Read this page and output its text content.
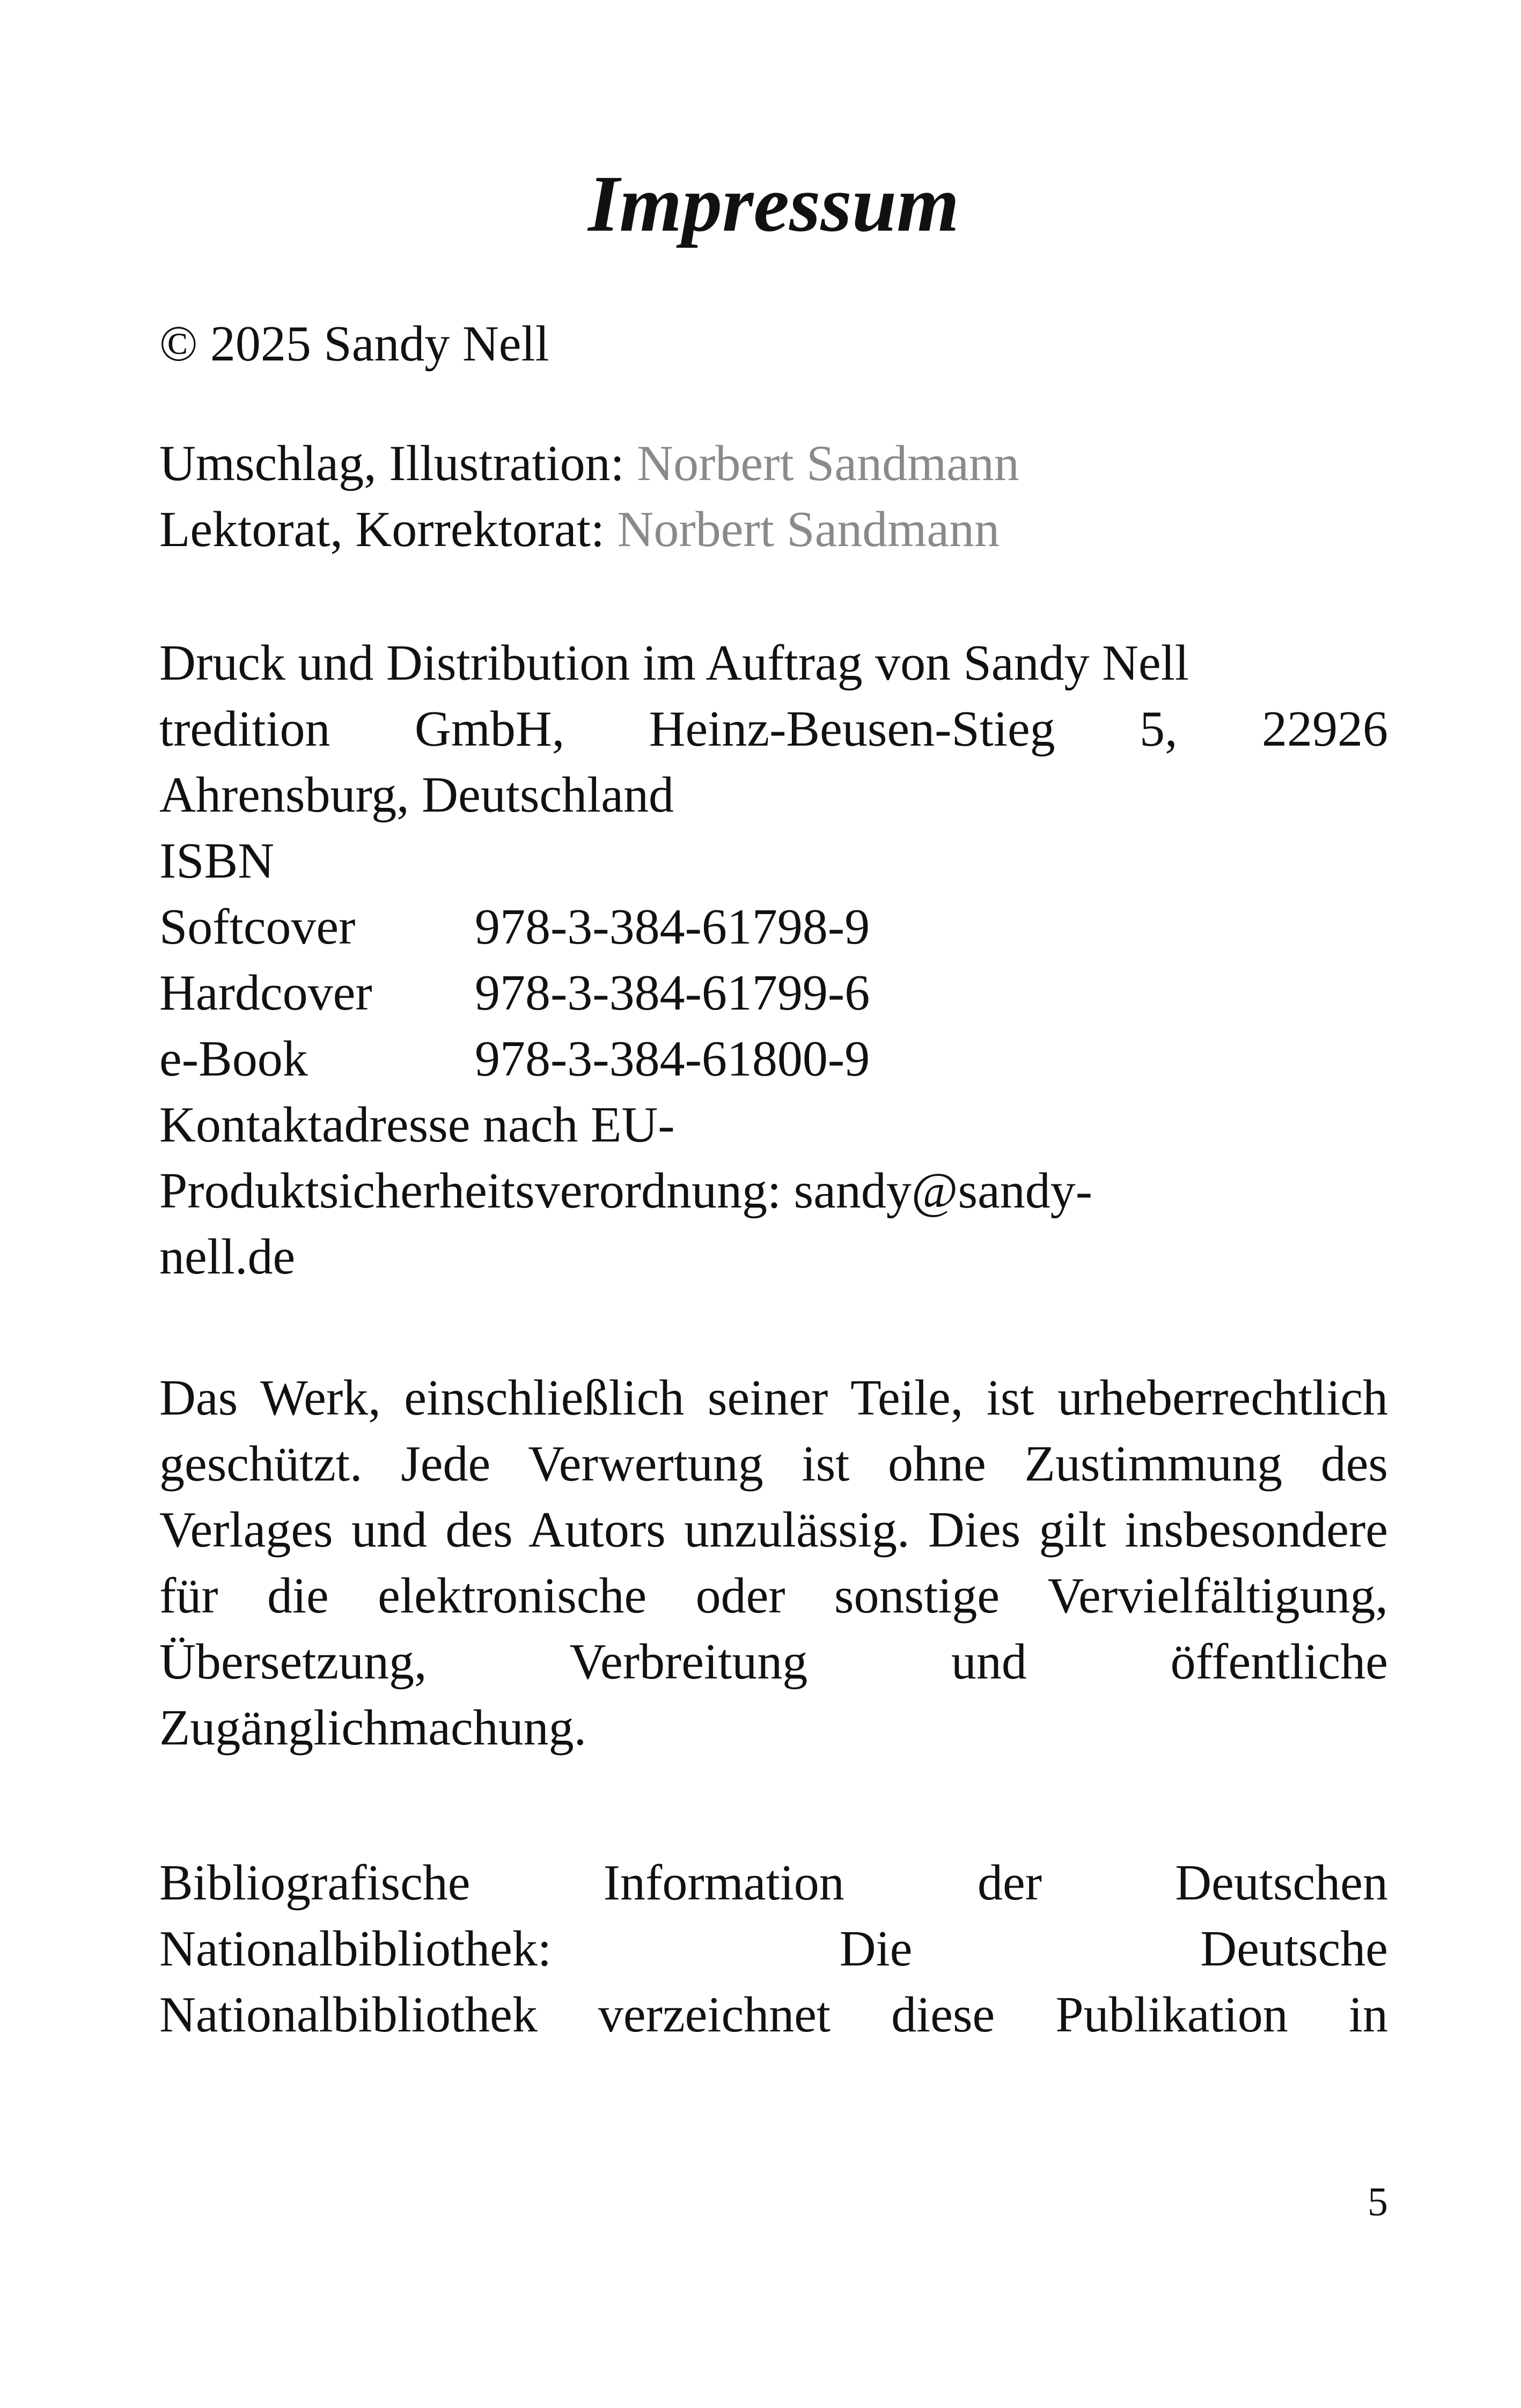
Impressum

© 2025 Sandy Nell

Umschlag, Illustration: Norbert Sandmann

Lektorat, Korrektorat: Norbert Sandmann

Druck und Distribution im Auftrag von Sandy Nell

tredition GmbH, Heinz-Beusen-Stieg 5, 22926

Ahrensburg, Deutschland

ISBN

Softcover	978-3-384-61798-9
Hardcover	978-3-384-61799-6
e-Book	978-3-384-61800-9

Kontaktadresse nach EU-

Produktsicherheitsverordnung: sandy@sandy-

nell.de

Das Werk, einschließlich seiner Teile, ist urheberrechtlich geschützt. Jede Verwertung ist ohne Zustimmung des Verlages und des Autors unzulässig. Dies gilt insbesondere für die elektronische oder sonstige Vervielfältigung, Übersetzung, Verbreitung und öffentliche Zugänglichmachung.

Bibliografische Information der Deutschen

Nationalbibliothek: Die Deutsche

Nationalbibliothek verzeichnet diese Publikation in

5
